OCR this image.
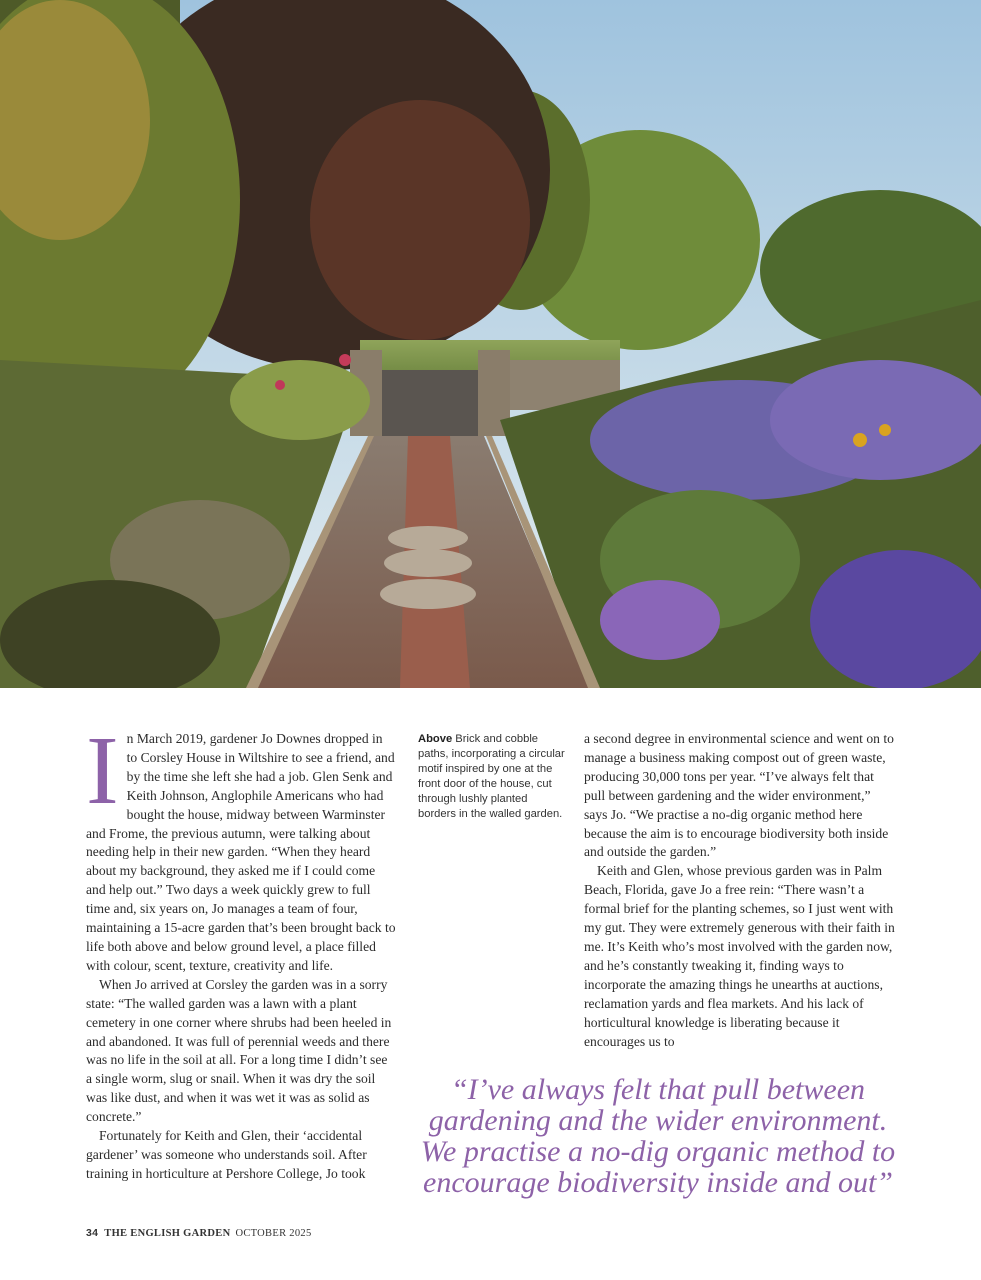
I n March 2019, gardener Jo Downes dropped in to Corsley House in Wiltshire to see a friend, and by the time she left she had a job. Glen Senk and Keith Johnson, Anglophile Americans who had bought the house, midway between Warminster and Frome, the previous autumn, were talking about needing help in their new garden. “When they heard about my background, they asked me if I could come and help out.” Two days a week quickly grew to full time and, six years on, Jo manages a team of four, maintaining a 15-acre garden that’s been brought back to life both above and below ground level, a place filled with colour, scent, texture, creativity and life.

When Jo arrived at Corsley the garden was in a sorry state: “The walled garden was a lawn with a plant cemetery in one corner where shrubs had been heeled in and abandoned. It was full of perennial weeds and there was no life in the soil at all. For a long time I didn’t see a single worm, slug or snail. When it was dry the soil was like dust, and when it was wet it was as solid as concrete.”

Fortunately for Keith and Glen, their ‘accidental gardener’ was someone who understands soil. After training in horticulture at Pershore College, Jo took

Above Brick and cobble paths, incorporating a circular motif inspired by one at the front door of the house, cut through lushly planted borders in the walled garden.

a second degree in environmental science and went on to manage a business making compost out of green waste, producing 30,000 tons per year. “I’ve always felt that pull between gardening and the wider environment,” says Jo. “We practise a no-dig organic method here because the aim is to encourage biodiversity both inside and outside the garden.”

Keith and Glen, whose previous garden was in Palm Beach, Florida, gave Jo a free rein: “There wasn’t a formal brief for the planting schemes, so I just went with my gut. They were extremely generous with their faith in me. It’s Keith who’s most involved with the garden now, and he’s constantly tweaking it, finding ways to incorporate the amazing things he unearths at auctions, reclamation yards and flea markets. And his lack of horticultural knowledge is liberating because it encourages us to

“I’ve always felt that pull between gardening and the wider environment. We practise a no-dig organic method to encourage biodiversity inside and out”
34 THE ENGLISH GARDEN OCTOBER 2025
